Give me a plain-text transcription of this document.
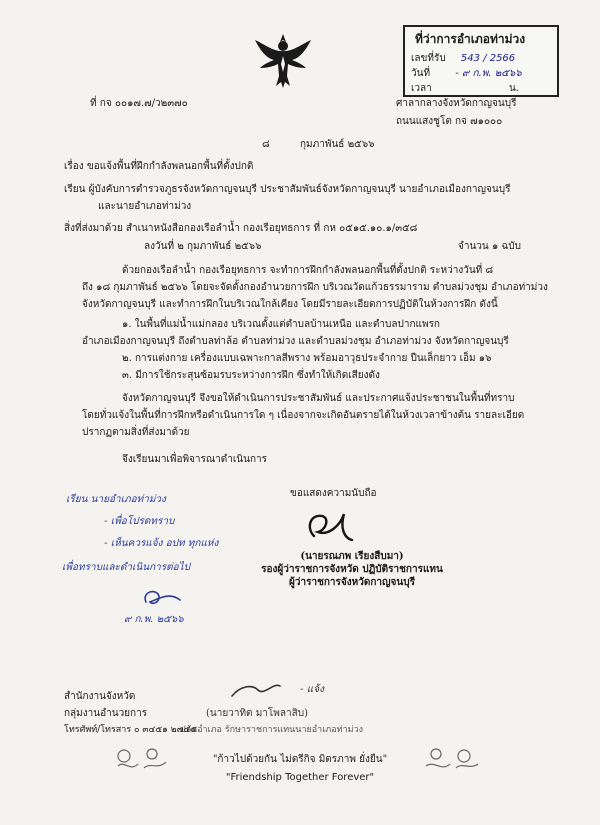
ที่ว่าการอำเภอท่าม่วง
เลขที่รับ 543 / 2566
วันที่	- ๙ ก.พ. ๒๕๖๖
เวลา	น.
ที่ กจ ๐๐๑๗.๗/ว๒๓๗๐	ศาลากลางจังหวัดกาญจนบุรี
ถนนแสงชูโต กจ ๗๑๐๐๐
๘	กุมภาพันธ์ ๒๕๖๖
เรื่อง ขอแจ้งพื้นที่ฝึกกำลังพลนอกพื้นที่ตั้งปกติ
เรียน ผู้บังคับการตำรวจภูธรจังหวัดกาญจนบุรี ประชาสัมพันธ์จังหวัดกาญจนบุรี นายอำเภอเมืองกาญจนบุรี
และนายอำเภอท่าม่วง
สิ่งที่ส่งมาด้วย สำเนาหนังสือกองเรือลำน้ำ กองเรือยุทธการ ที่ กห ๐๕๑๕.๑๐.๑/๓๕๘
ลงวันที่ ๒ กุมภาพันธ์ ๒๕๖๖	จำนวน ๑ ฉบับ
ด้วยกองเรือลำน้ำ กองเรือยุทธการ จะทำการฝึกกำลังพลนอกพื้นที่ตั้งปกติ ระหว่างวันที่ ๘
ถึง ๑๘ กุมภาพันธ์ ๒๕๖๖ โดยจะจัดตั้งกองอำนวยการฝึก บริเวณวัดแก้วธรรมาราม ตำบลม่วงชุม อำเภอท่าม่วง
จังหวัดกาญจนบุรี และทำการฝึกในบริเวณใกล้เคียง โดยมีรายละเอียดการปฏิบัติในห้วงการฝึก ดังนี้
๑. ในพื้นที่แม่น้ำแม่กลอง บริเวณตั้งแต่ตำบลบ้านเหนือ และตำบลปากแพรก
อำเภอเมืองกาญจนบุรี ถึงตำบลท่าล้อ ตำบลท่าม่วง และตำบลม่วงชุม อำเภอท่าม่วง จังหวัดกาญจนบุรี
๒. การแต่งกาย เครื่องแบบเฉพาะกาลสีพราง พร้อมอาวุธประจำกาย ปืนเล็กยาว เอ็ม ๑๖
๓. มีการใช้กระสุนซ้อมรบระหว่างการฝึก ซึ่งทำให้เกิดเสียงดัง
จังหวัดกาญจนบุรี จึงขอให้ดำเนินการประชาสัมพันธ์ และประกาศแจ้งประชาชนในพื้นที่ทราบ
โดยทั่วแจ้งในพื้นที่การฝึกหรือดำเนินการใด ๆ เนื่องจากจะเกิดอันตรายได้ในห้วงเวลาข้างต้น รายละเอียด
ปรากฏตามสิ่งที่ส่งมาด้วย
จึงเรียนมาเพื่อพิจารณาดำเนินการ
ขอแสดงความนับถือ
(นายรณภพ เรียงสืบมา)
รองผู้ว่าราชการจังหวัด ปฏิบัติราชการแทน
ผู้ว่าราชการจังหวัดกาญจนบุรี
เรียน นายอำเภอท่าม่วง
- เพื่อโปรดทราบ
- เห็นควรแจ้ง อปท ทุกแห่ง
เพื่อทราบและดำเนินการต่อไป
๙ ก.พ. ๒๕๖๖
- แจ้ง
(นายวาทิต มาโพลาสิบ)
ปลัดอำเภอ รักษาราชการแทนนายอำเภอท่าม่วง
สำนักงานจังหวัด
กลุ่มงานอำนวยการ
โทรศัพท์/โทรสาร ๐ ๓๔๕๑ ๒๗๔๕
"ก้าวไปด้วยกัน ไม่ตรีกิจ มิตรภาพ ยั่งยืน"
"Friendship Together Forever"
